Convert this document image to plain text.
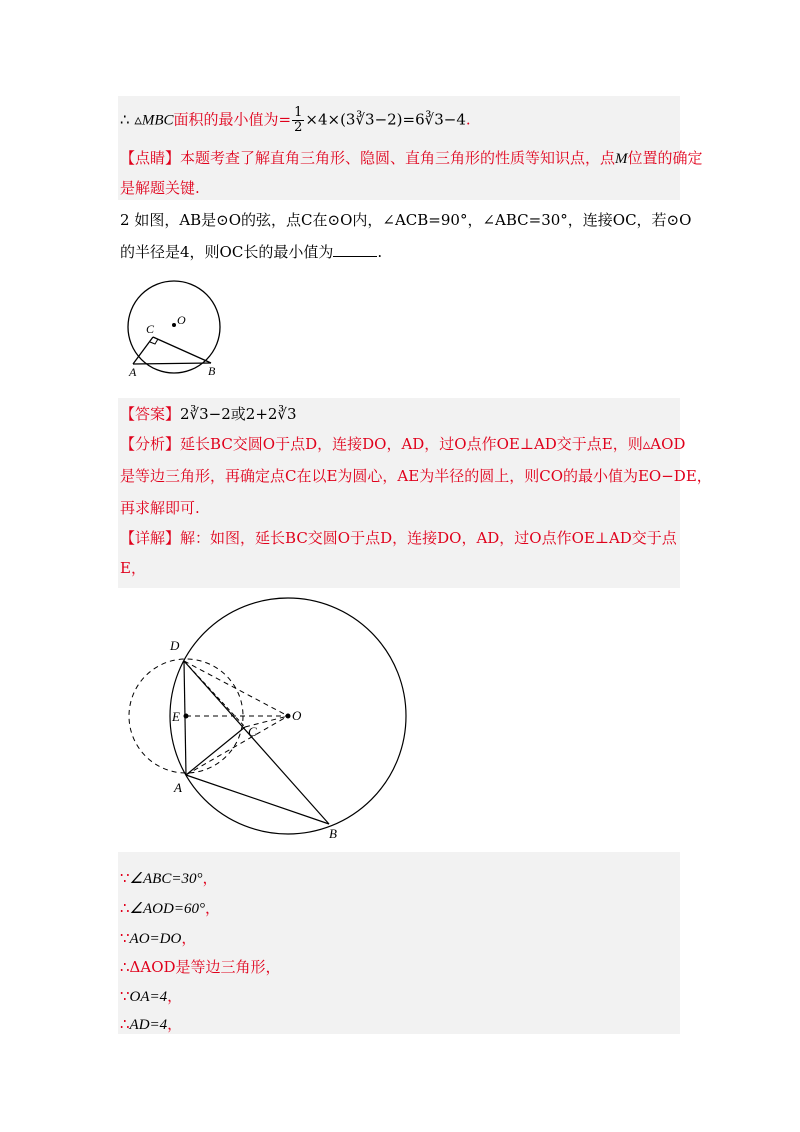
∴ ▵MBC面积的最小值为= $\frac{1}{2}$ ×4×(3∛3−2)=6∛3−4.
【点睛】本题考查了解直角三角形、隐圆、直角三角形的性质等知识点，点M位置的确定
是解题关键.
2 如图，AB是⊙O的弦，点C在⊙O内，∠ACB=90°，∠ABC=30°，连接OC，若⊙O
的半径是4，则OC长的最小值为	.
O
C
A	B
【答案】2∛3−2或2+2∛3
【分析】延长BC交圆O于点D，连接DO，AD，过O点作OE⊥AD交于点E，则▵AOD
是等边三角形，再确定点C在以E为圆心，AE为半径的圆上，则CO的最小值为EO−DE，
再求解即可.
【详解】解：如图，延长BC交圆O于点D，连接DO，AD，过O点作OE⊥AD交于点
E，
D
E	O
C
A
B
∵∠ABC=30°，
∴∠AOD=60°，
∵AO=DO，
∴ΔAOD是等边三角形，
∵OA=4，
∴AD=4，
